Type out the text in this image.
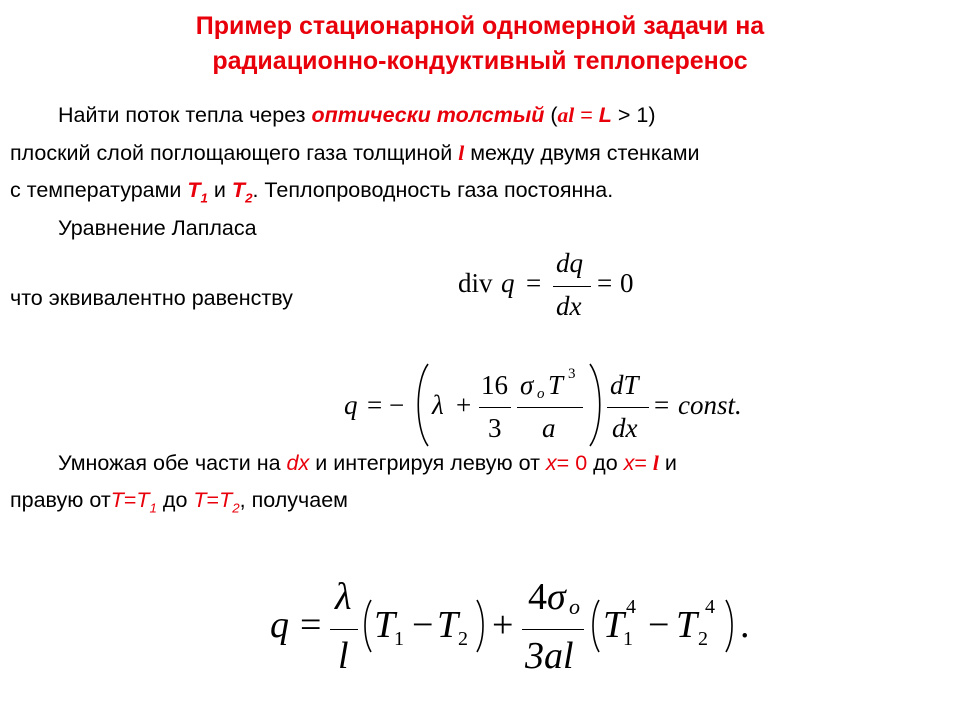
Пример стационарной одномерной задачи на
радиационно-кондуктивный теплоперенос
Найти поток тепла через оптически толстый (al = L > 1)
плоский слой поглощающего газа толщиной l между двумя стенками
с температурами $T_1$ и $T_2$. Теплопроводность газа постоянна.
Уравнение Лапласа
что эквивалентно равенству	div q =
dq
dx
= 0
q = − λ +
16
3
σ o T 3
a
dT
dx
= const.
Умножая обе части на dx и интегрируя левую от x= 0 до x= l и
правую $отT=T_1$ до $T=T_2$, получаем
q =
λ
l
T
1 − T 2 +
4 σ o
3al
T 4
1 − T 4
2 .
